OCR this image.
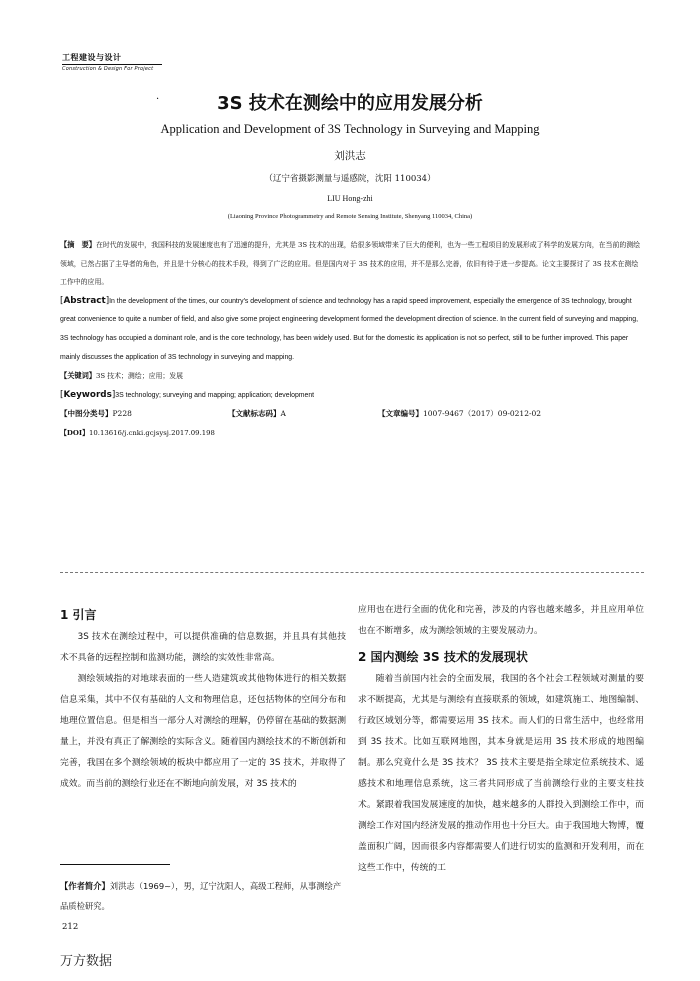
工程建设与设计
Construction & Design For Project
·	3S 技术在测绘中的应用发展分析
Application and Development of 3S Technology in Surveying and Mapping
刘洪志
（辽宁省摄影测量与遥感院，沈阳 110034）
LIU Hong-zhi
(Liaoning Province Photogrammetry and Remote Sensing Institute, Shenyang 110034, China)
【摘　要】在时代的发展中，我国科技的发展速度也有了迅速的提升，尤其是 3S 技术的出现，给很多领域带来了巨大的便利，也为一些工程项目的发展形成了科学的发展方向，在当前的测绘领域，已然占据了主导者的角色，并且是十分核心的技术手段，得到了广泛的应用。但是国内对于 3S 技术的应用，并不是那么完善，依旧有待于进一步提高。论文主要探讨了 3S 技术在测绘工作中的应用。
[Abstract]In the development of the times, our country's development of science and technology has a rapid speed improvement, especially the emergence of 3S technology, brought great convenience to quite a number of field, and also give some project engineering development formed the development direction of science. In the current field of surveying and mapping, 3S technology has occupied a dominant role, and is the core technology, has been widely used. But for the domestic its application is not so perfect, still to be further improved. This paper mainly discusses the application of 3S technology in surveying and mapping.
【关键词】3S 技术；测绘；应用；发展
[Keywords]3S technology; surveying and mapping; application; development
【中图分类号】P228	【文献标志码】A	【文章编号】1007-9467（2017）09-0212-02
【DOI】10.13616/j.cnki.gcjsysj.2017.09.198
1 引言

3S 技术在测绘过程中，可以提供准确的信息数据，并且具有其他技术不具备的远程控制和监测功能，测绘的实效性非常高。

测绘领域指的对地球表面的一些人造建筑或其他物体进行的相关数据信息采集，其中不仅有基础的人文和物理信息，还包括物体的空间分布和地理位置信息。但是相当一部分人对测绘的理解，仍停留在基础的数据测量上，并没有真正了解测绘的实际含义。随着国内测绘技术的不断创新和完善，我国在多个测绘领域的板块中都应用了一定的 3S 技术，并取得了成效。而当前的测绘行业还在不断地向前发展，对 3S 技术的

应用也在进行全面的优化和完善，涉及的内容也越来越多，并且应用单位也在不断增多，成为测绘领域的主要发展动力。

2 国内测绘 3S 技术的发展现状

随着当前国内社会的全面发展，我国的各个社会工程领域对测量的要求不断提高，尤其是与测绘有直接联系的领域，如建筑施工、地图编制、行政区域划分等，都需要运用 3S 技术。而人们的日常生活中，也经常用到 3S 技术。比如互联网地图，其本身就是运用 3S 技术形成的地图编制。那么究竟什么是 3S 技术？ 3S 技术主要是指全球定位系统技术、遥感技术和地理信息系统，这三者共同形成了当前测绘行业的主要支柱技术。紧跟着我国发展速度的加快，越来越多的人群投入到测绘工作中，而测绘工作对国内经济发展的推动作用也十分巨大。由于我国地大物博，覆盖面积广阔，因而很多内容都需要人们进行切实的监测和开发利用，而在这些工作中，传统的工

【作者简介】刘洪志（1969~），男，辽宁沈阳人，高级工程师，从事测绘产品质检研究。
212
万方数据
